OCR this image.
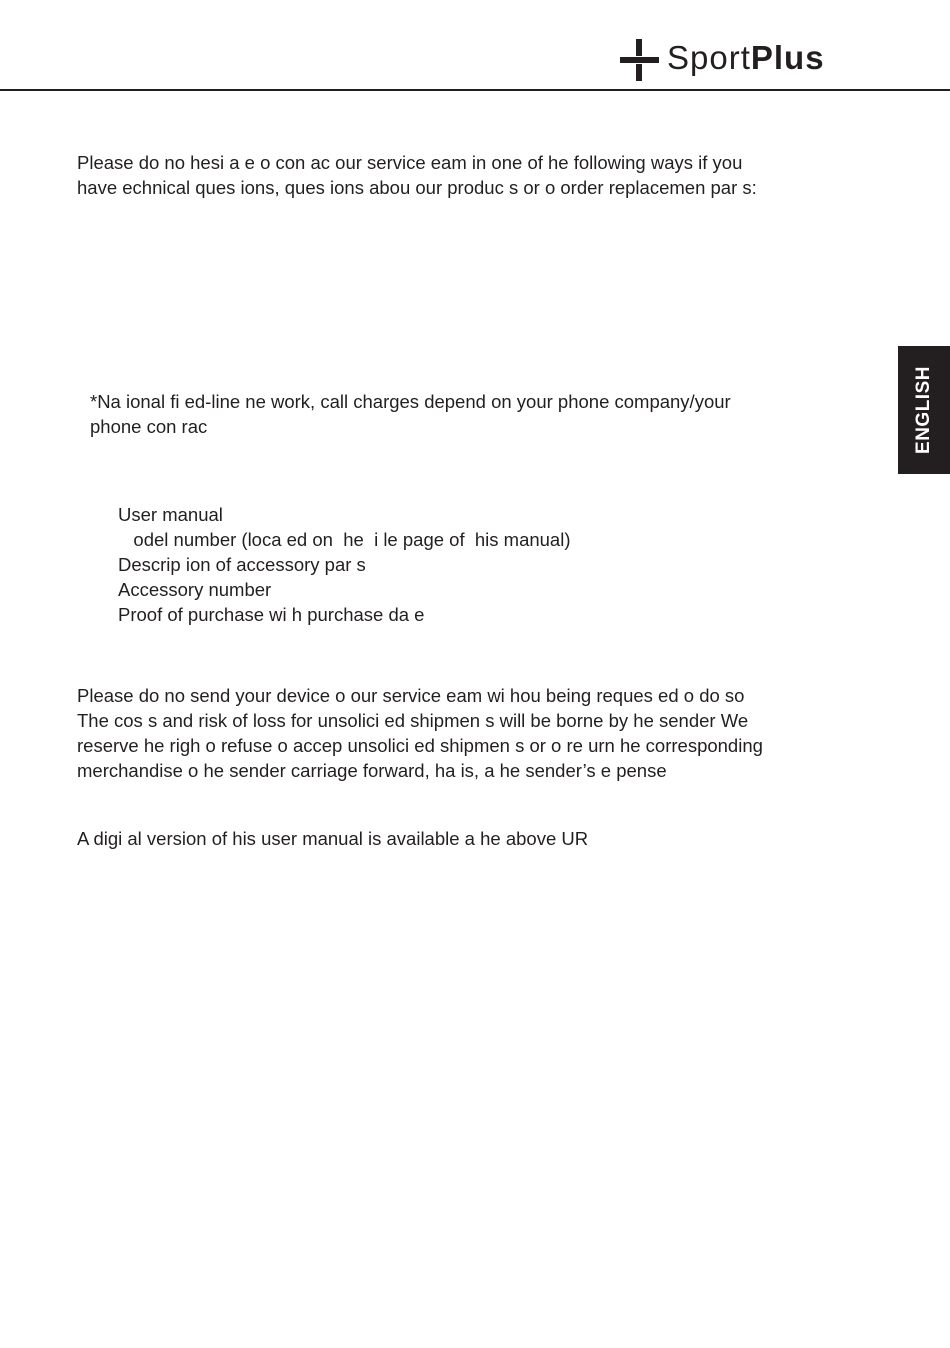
SportPlus
ENGLISH

Please do no hesi a e o con ac our service eam in one of he following ways if you
have echnical ques ions, ques ions abou our produc s or o order replacemen par s:

*Na ional fi ed-line ne work, call charges depend on your phone company/your
phone con rac

User manual
odel number (loca ed on  he  i le page of  his manual)
Descrip ion of accessory par s
Accessory number
Proof of purchase wi h purchase da e

Please do no send your device o our service eam wi hou being reques ed o do so
The cos s and risk of loss for unsolici ed shipmen s will be borne by he sender We
reserve he righ o refuse o accep unsolici ed shipmen s or o re urn he corresponding
merchandise o he sender carriage forward, ha is, a he sender’s e pense

A digi al version of his user manual is available a he above UR
